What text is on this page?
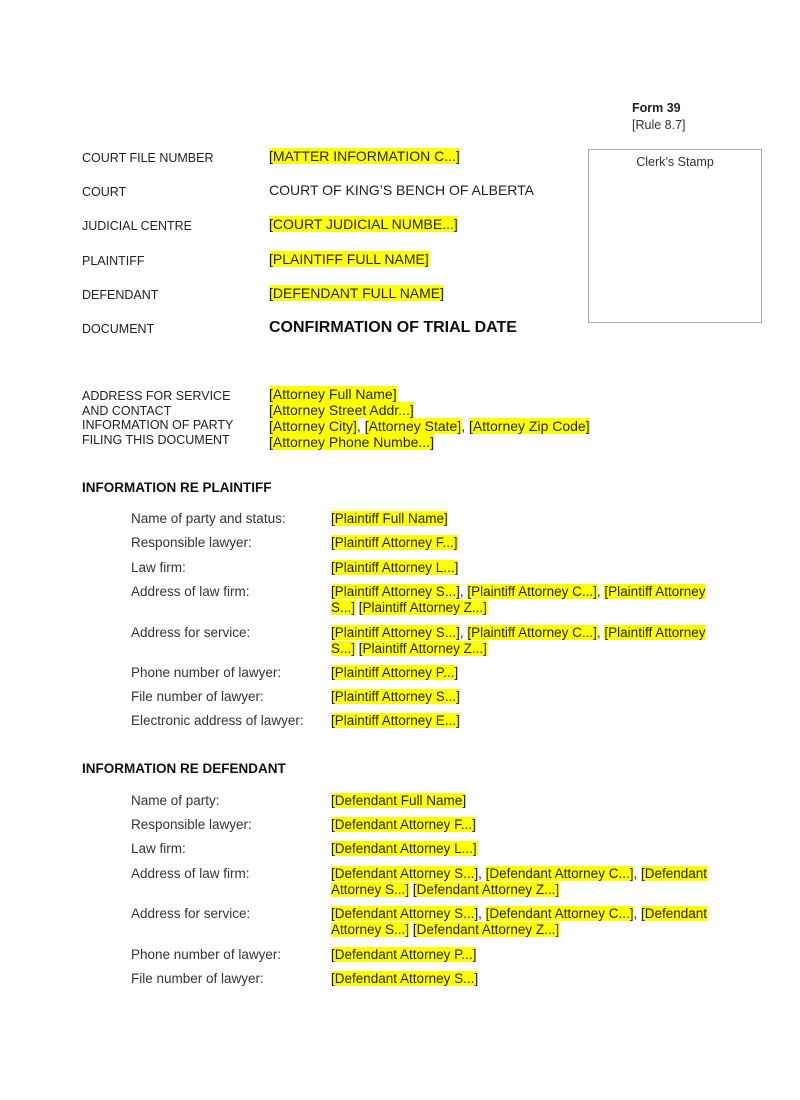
Form 39
[Rule 8.7]
Clerk’s Stamp
COURT FILE NUMBER	[MATTER INFORMATION C...]
COURT	COURT OF KING’S BENCH OF ALBERTA
JUDICIAL CENTRE	[COURT JUDICIAL NUMBE...]
PLAINTIFF	[PLAINTIFF FULL NAME]
DEFENDANT	[DEFENDANT FULL NAME]
DOCUMENT	CONFIRMATION OF TRIAL DATE
ADDRESS FOR SERVICE
AND CONTACT
INFORMATION OF PARTY
FILING THIS DOCUMENT
[Attorney Full Name]
[Attorney Street Addr...]
[Attorney City], [Attorney State], [Attorney Zip Code]
[Attorney Phone Numbe...]
INFORMATION RE PLAINTIFF
Name of party and status:	[Plaintiff Full Name]
Responsible lawyer:	[Plaintiff Attorney F...]
Law firm:	[Plaintiff Attorney L...]
Address of law firm:	[Plaintiff Attorney S...], [Plaintiff Attorney C...], [Plaintiff Attorney S...] [Plaintiff Attorney Z...]
Address for service:	[Plaintiff Attorney S...], [Plaintiff Attorney C...], [Plaintiff Attorney S...] [Plaintiff Attorney Z...]
Phone number of lawyer:	[Plaintiff Attorney P...]
File number of lawyer:	[Plaintiff Attorney S...]
Electronic address of lawyer: [Plaintiff Attorney E...]
INFORMATION RE DEFENDANT
Name of party:	[Defendant Full Name]
Responsible lawyer:	[Defendant Attorney F...]
Law firm:	[Defendant Attorney L...]
Address of law firm:	[Defendant Attorney S...], [Defendant Attorney C...], [Defendant Attorney S...] [Defendant Attorney Z...]
Address for service:	[Defendant Attorney S...], [Defendant Attorney C...], [Defendant Attorney S...] [Defendant Attorney Z...]
Phone number of lawyer:	[Defendant Attorney P...]
File number of lawyer:	[Defendant Attorney S...]
